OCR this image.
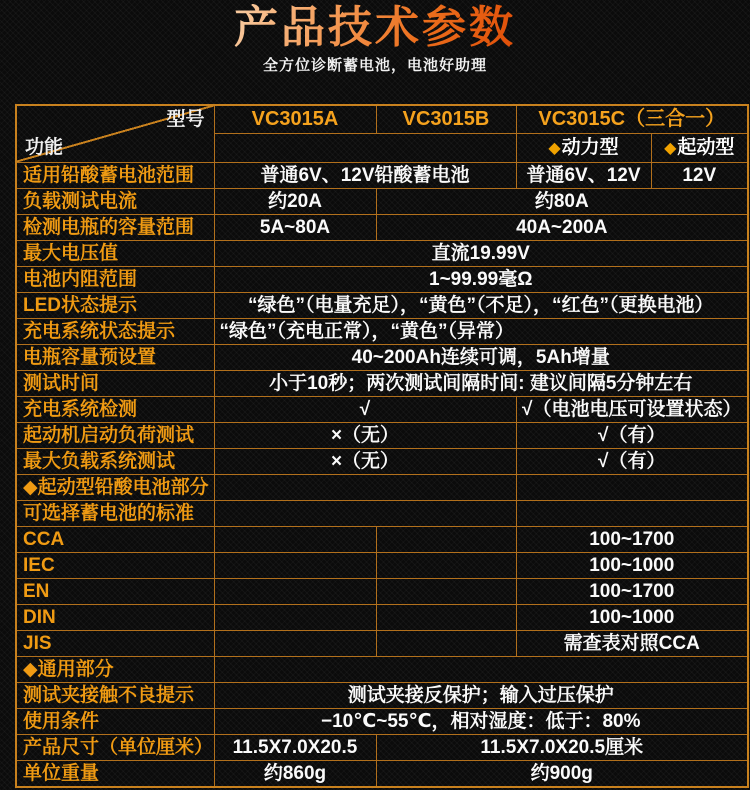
产品技术参数
全方位诊断蓄电池，电池好助理
型号
功能	VC3015A	VC3015B	VC3015C（三合一）	
			◆动力型	◆起动型
适用铅酸蓄电池范围	普通6V、12V铅酸蓄电池		普通6V、12V	12V
负载测试电流	约20A	约80A		
检测电瓶的容量范围	5A~80A	40A~200A		
最大电压值	直流19.99V			
电池内阻范围	1~99.99毫Ω			
LED状态提示	“绿色”（电量充足），“黄色”（不足），“红色”（更换电池）			
充电系统状态提示	“绿色”（充电正常），“黄色”（异常）			
电瓶容量预设置	40~200Ah连续可调，5Ah增量			
测试时间	小于10秒；两次测试间隔时间: 建议间隔5分钟左右			
充电系统检测	√		√（电池电压可设置状态）	
起动机启动负荷测试	×（无）		√（有）	
最大负载系统测试	×（无）		√（有）	
◆起动型铅酸电池部分				
可选择蓄电池的标准				
CCA			100~1700	
IEC			100~1000	
EN			100~1700	
DIN			100~1000	
JIS			需查表对照CCA	
◆通用部分				
测试夹接触不良提示	测试夹接反保护；输入过压保护			
使用条件	−10℃~55℃，相对湿度：低于：80%			
产品尺寸（单位厘米）	11.5X7.0X20.5	11.5X7.0X20.5厘米		
单位重量	约860g	约900g		
